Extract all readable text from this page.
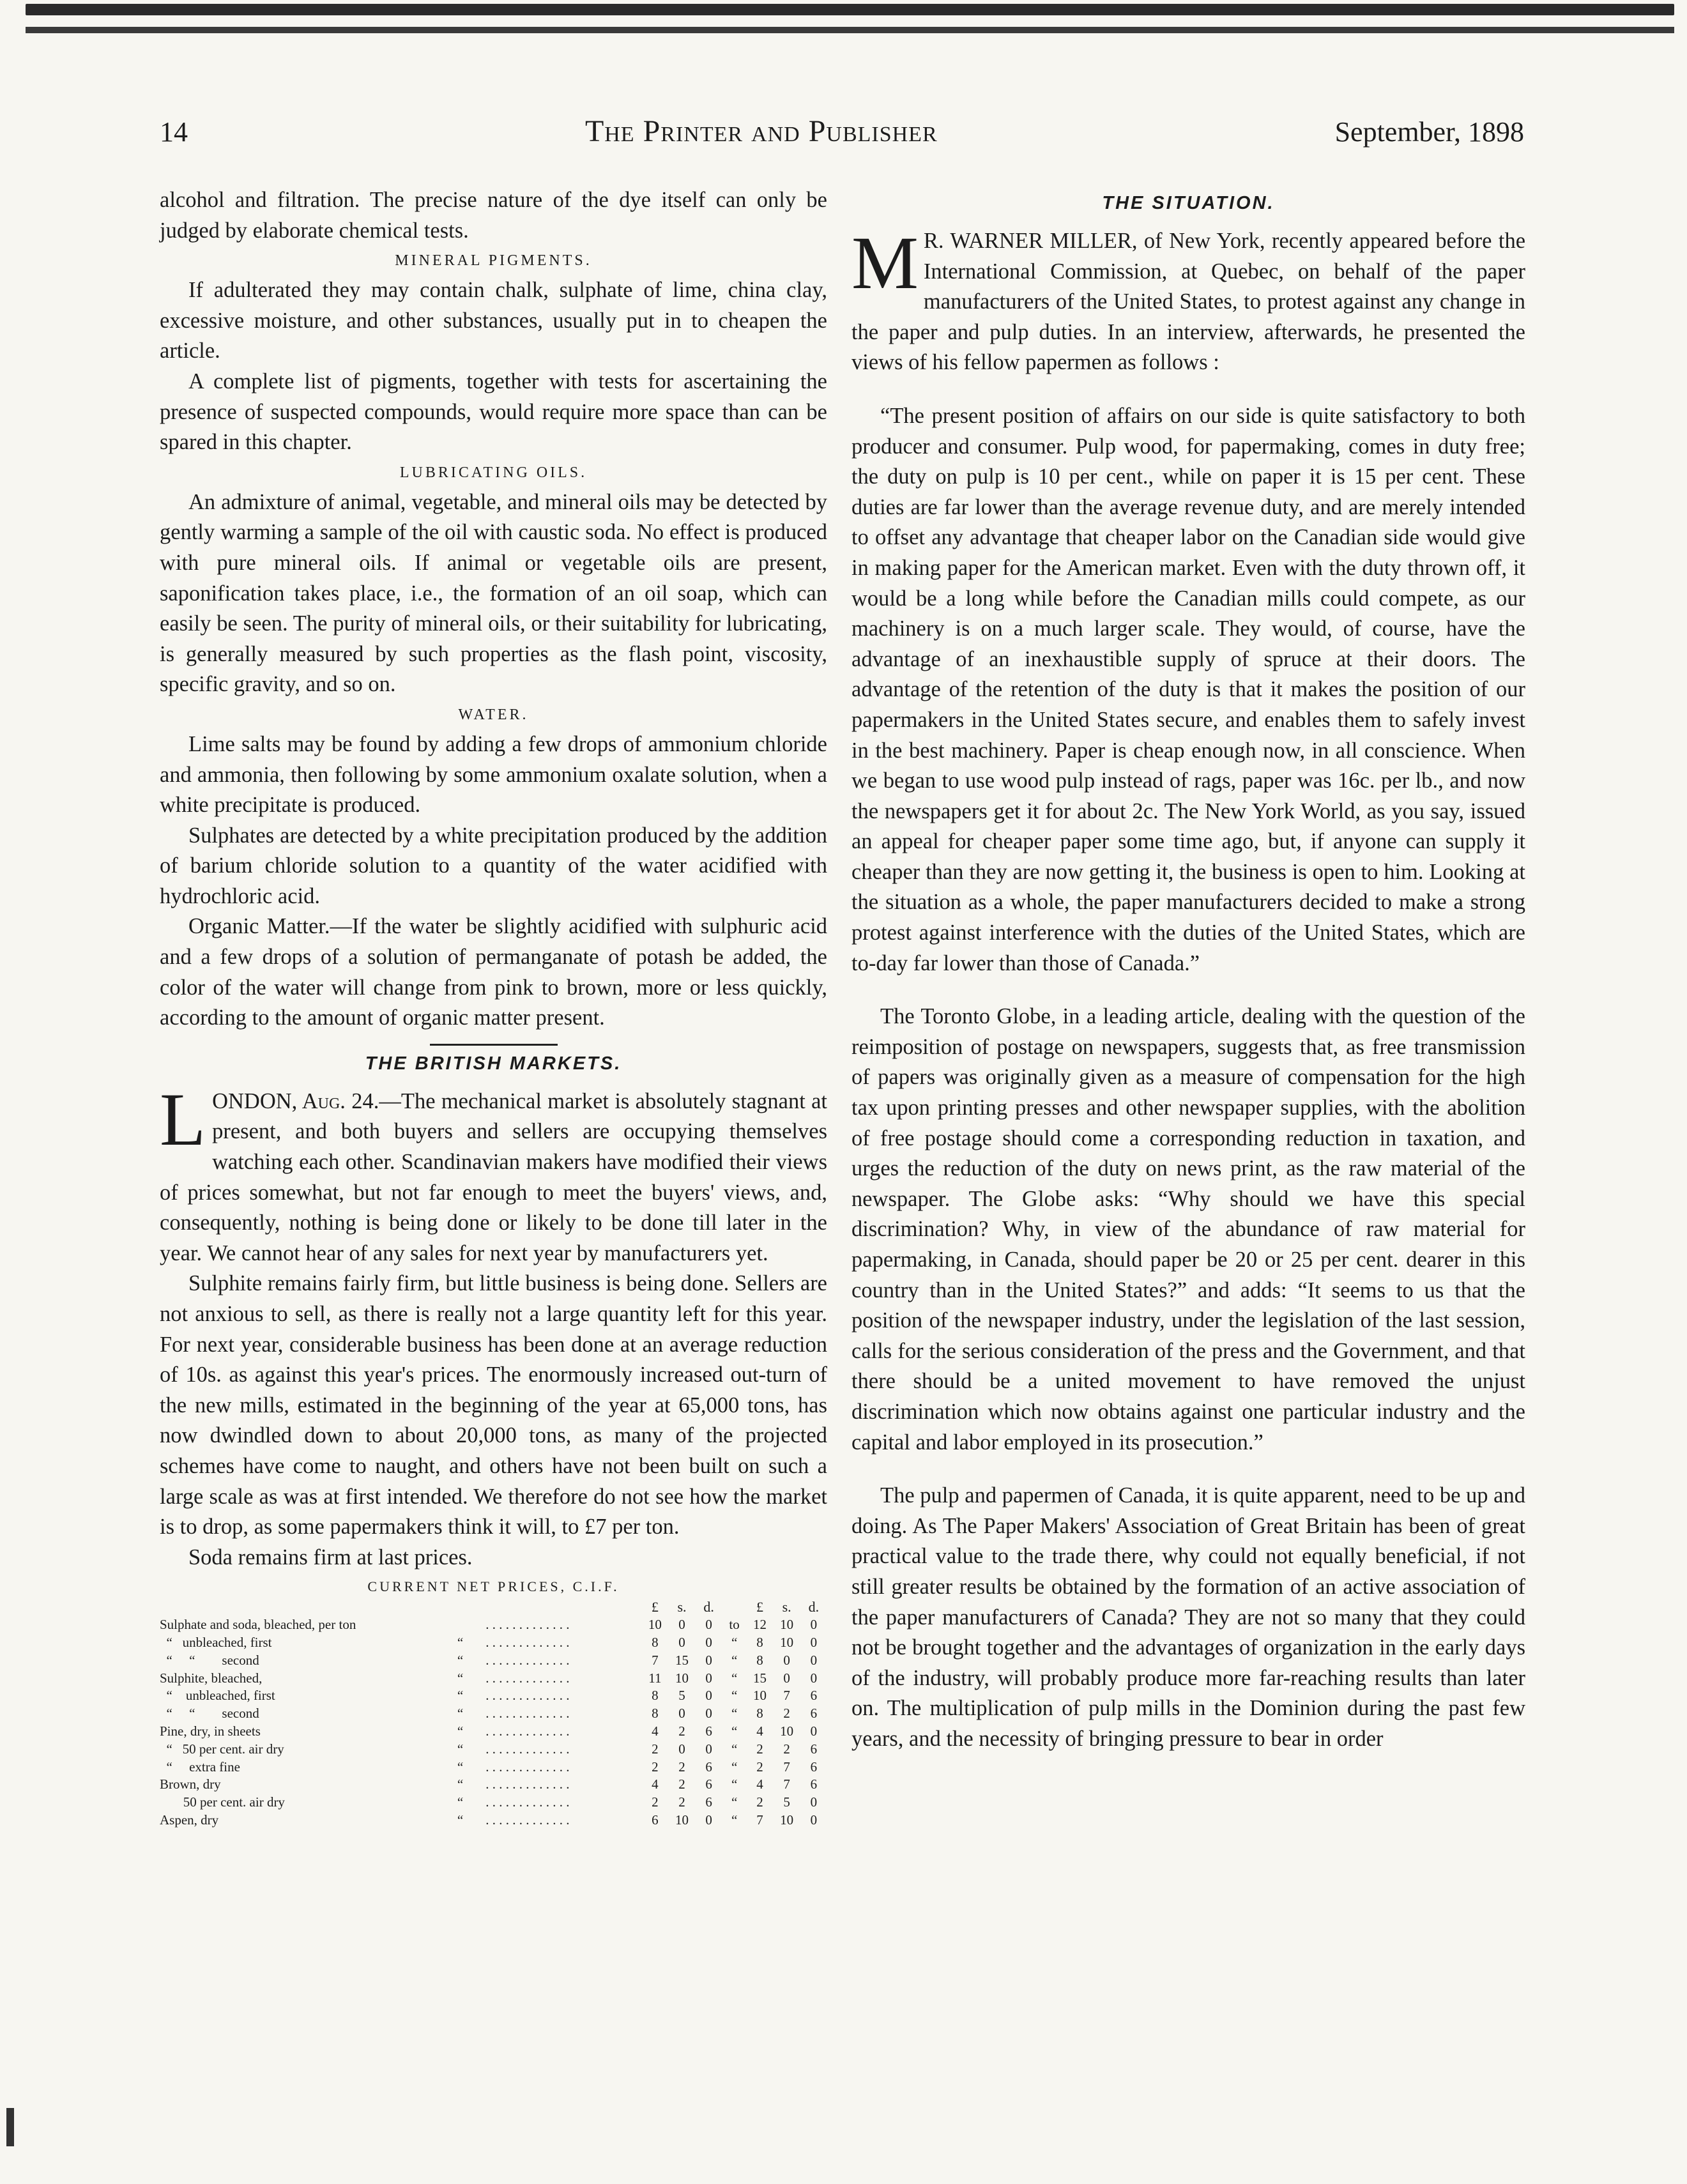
14	The Printer and Publisher	September, 1898

alcohol and filtration. The precise nature of the dye itself can only be judged by elaborate chemical tests.

MINERAL PIGMENTS.

If adulterated they may contain chalk, sulphate of lime, china clay, excessive moisture, and other substances, usually put in to cheapen the article.

A complete list of pigments, together with tests for ascertaining the presence of suspected compounds, would require more space than can be spared in this chapter.

LUBRICATING OILS.

An admixture of animal, vegetable, and mineral oils may be detected by gently warming a sample of the oil with caustic soda. No effect is produced with pure mineral oils. If animal or vegetable oils are present, saponification takes place, i.e., the formation of an oil soap, which can easily be seen. The purity of mineral oils, or their suitability for lubricating, is generally measured by such properties as the flash point, viscosity, specific gravity, and so on.

WATER.

Lime salts may be found by adding a few drops of ammonium chloride and ammonia, then following by some ammonium oxalate solution, when a white precipitate is produced.

Sulphates are detected by a white precipitation produced by the addition of barium chloride solution to a quantity of the water acidified with hydrochloric acid.

Organic Matter.—If the water be slightly acidified with sulphuric acid and a few drops of a solution of permanganate of potash be added, the color of the water will change from pink to brown, more or less quickly, according to the amount of organic matter present.

THE BRITISH MARKETS.

LONDON, Aug. 24.—The mechanical market is absolutely stagnant at present, and both buyers and sellers are occupying themselves watching each other. Scandinavian makers have modified their views of prices somewhat, but not far enough to meet the buyers' views, and, consequently, nothing is being done or likely to be done till later in the year. We cannot hear of any sales for next year by manufacturers yet.

Sulphite remains fairly firm, but little business is being done. Sellers are not anxious to sell, as there is really not a large quantity left for this year. For next year, considerable business has been done at an average reduction of 10s. as against this year's prices. The enormously increased out-turn of the new mills, estimated in the beginning of the year at 65,000 tons, has now dwindled down to about 20,000 tons, as many of the projected schemes have come to naught, and others have not been built on such a large scale as was at first intended. We therefore do not see how the market is to drop, as some papermakers think it will, to £7 per ton.

Soda remains firm at last prices.

CURRENT NET PRICES, C.I.F.
			£	s.	d.		£	s.	d.
Sulphate and soda, bleached, per ton		. . . . . . . . . . . . .	10	0	0	to	12	10	0
“   unbleached, first	“	. . . . . . . . . . . . .	8	0	0	“	8	10	0
“     “        second	“	. . . . . . . . . . . . .	7	15	0	“	8	0	0
Sulphite, bleached,	“	. . . . . . . . . . . . .	11	10	0	“	15	0	0
“    unbleached, first	“	. . . . . . . . . . . . .	8	5	0	“	10	7	6
“     “        second	“	. . . . . . . . . . . . .	8	0	0	“	8	2	6
Pine, dry, in sheets	“	. . . . . . . . . . . . .	4	2	6	“	4	10	0
“   50 per cent. air dry	“	. . . . . . . . . . . . .	2	0	0	“	2	2	6
“     extra fine	“	. . . . . . . . . . . . .	2	2	6	“	2	7	6
Brown, dry	“	. . . . . . . . . . . . .	4	2	6	“	4	7	6
50 per cent. air dry	“	. . . . . . . . . . . . .	2	2	6	“	2	5	0
Aspen, dry	“	. . . . . . . . . . . . .	6	10	0	“	7	10	0
THE SITUATION.

M R. WARNER MILLER, of New York, recently appeared before the International Commission, at Quebec, on behalf of the paper manufacturers of the United States, to protest against any change in the paper and pulp duties. In an interview, afterwards, he presented the views of his fellow papermen as follows :

“The present position of affairs on our side is quite satisfactory to both producer and consumer. Pulp wood, for papermaking, comes in duty free; the duty on pulp is 10 per cent., while on paper it is 15 per cent. These duties are far lower than the average revenue duty, and are merely intended to offset any advantage that cheaper labor on the Canadian side would give in making paper for the American market. Even with the duty thrown off, it would be a long while before the Canadian mills could compete, as our machinery is on a much larger scale. They would, of course, have the advantage of an inexhaustible supply of spruce at their doors. The advantage of the retention of the duty is that it makes the position of our papermakers in the United States secure, and enables them to safely invest in the best machinery. Paper is cheap enough now, in all conscience. When we began to use wood pulp instead of rags, paper was 16c. per lb., and now the newspapers get it for about 2c. The New York World, as you say, issued an appeal for cheaper paper some time ago, but, if anyone can supply it cheaper than they are now getting it, the business is open to him. Looking at the situation as a whole, the paper manufacturers decided to make a strong protest against interference with the duties of the United States, which are to-day far lower than those of Canada.”

The Toronto Globe, in a leading article, dealing with the question of the reimposition of postage on newspapers, suggests that, as free transmission of papers was originally given as a measure of compensation for the high tax upon printing presses and other newspaper supplies, with the abolition of free postage should come a corresponding reduction in taxation, and urges the reduction of the duty on news print, as the raw material of the newspaper. The Globe asks: “Why should we have this special discrimination? Why, in view of the abundance of raw material for papermaking, in Canada, should paper be 20 or 25 per cent. dearer in this country than in the United States?” and adds: “It seems to us that the position of the newspaper industry, under the legislation of the last session, calls for the serious consideration of the press and the Government, and that there should be a united movement to have removed the unjust discrimination which now obtains against one particular industry and the capital and labor employed in its prosecution.”

The pulp and papermen of Canada, it is quite apparent, need to be up and doing. As The Paper Makers' Association of Great Britain has been of great practical value to the trade there, why could not equally beneficial, if not still greater results be obtained by the formation of an active association of the paper manufacturers of Canada? They are not so many that they could not be brought together and the advantages of organization in the early days of the industry, will probably produce more far-reaching results than later on. The multiplication of pulp mills in the Dominion during the past few years, and the necessity of bringing pressure to bear in order
